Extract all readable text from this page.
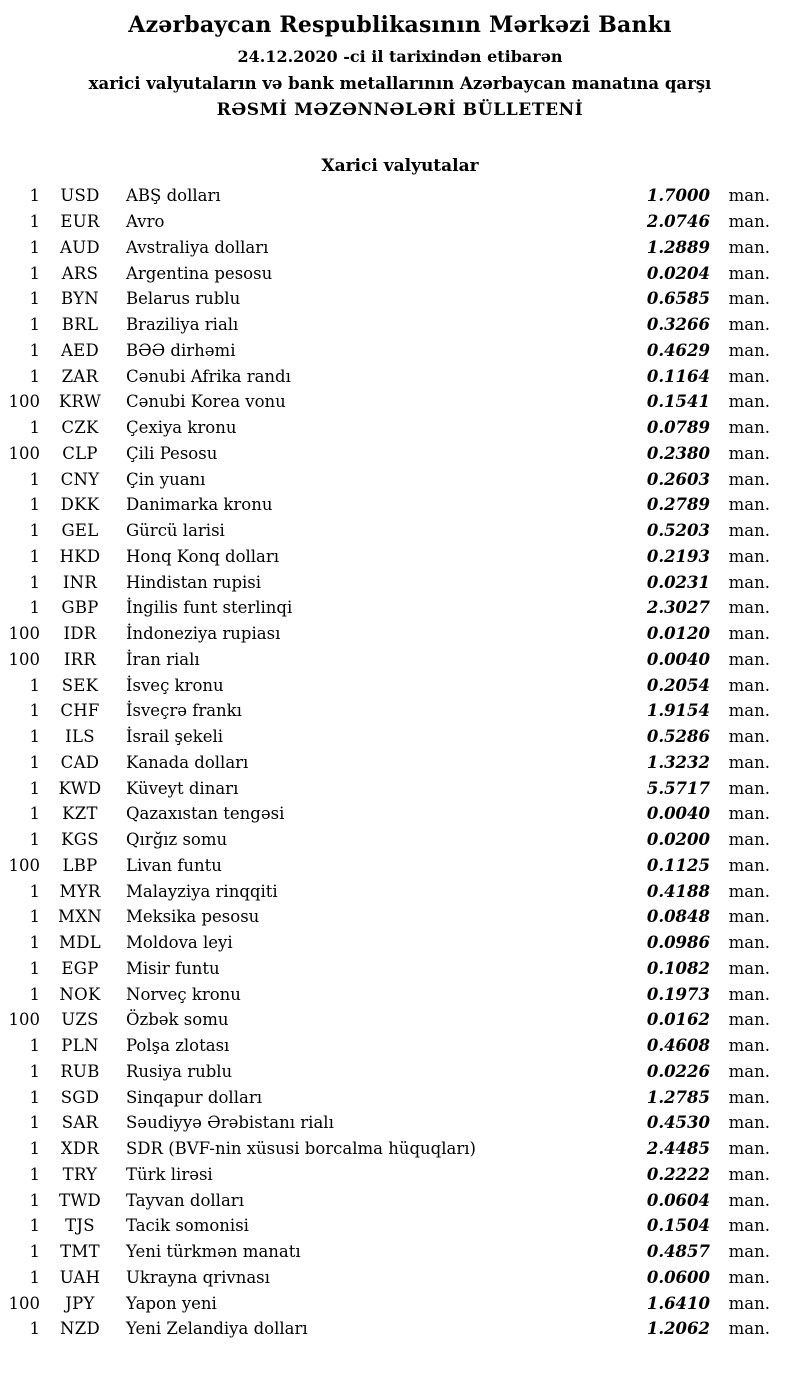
Azərbaycan Respublikasının Mərkəzi Bankı
24.12.2020 -ci il tarixindən etibarən
xarici valyutaların və bank metallarının Azərbaycan manatına qarşı
RƏSMİ MƏZƏNNƏLƏRİ BÜLLETENİ
Xarici valyutalar
1	USD	ABŞ dolları	1.7000	man.
1	EUR	Avro	2.0746	man.
1	AUD	Avstraliya dolları	1.2889	man.
1	ARS	Argentina pesosu	0.0204	man.
1	BYN	Belarus rublu	0.6585	man.
1	BRL	Braziliya rialı	0.3266	man.
1	AED	BƏƏ dirhəmi	0.4629	man.
1	ZAR	Cənubi Afrika randı	0.1164	man.
100	KRW	Cənubi Korea vonu	0.1541	man.
1	CZK	Çexiya kronu	0.0789	man.
100	CLP	Çili Pesosu	0.2380	man.
1	CNY	Çin yuanı	0.2603	man.
1	DKK	Danimarka kronu	0.2789	man.
1	GEL	Gürcü larisi	0.5203	man.
1	HKD	Honq Konq dolları	0.2193	man.
1	INR	Hindistan rupisi	0.0231	man.
1	GBP	İngilis funt sterlinqi	2.3027	man.
100	IDR	İndoneziya rupiası	0.0120	man.
100	IRR	İran rialı	0.0040	man.
1	SEK	İsveç kronu	0.2054	man.
1	CHF	İsveçrə frankı	1.9154	man.
1	ILS	İsrail şekeli	0.5286	man.
1	CAD	Kanada dolları	1.3232	man.
1	KWD	Küveyt dinarı	5.5717	man.
1	KZT	Qazaxıstan tengəsi	0.0040	man.
1	KGS	Qırğız somu	0.0200	man.
100	LBP	Livan funtu	0.1125	man.
1	MYR	Malayziya rinqqiti	0.4188	man.
1	MXN	Meksika pesosu	0.0848	man.
1	MDL	Moldova leyi	0.0986	man.
1	EGP	Misir funtu	0.1082	man.
1	NOK	Norveç kronu	0.1973	man.
100	UZS	Özbək somu	0.0162	man.
1	PLN	Polşa zlotası	0.4608	man.
1	RUB	Rusiya rublu	0.0226	man.
1	SGD	Sinqapur dolları	1.2785	man.
1	SAR	Səudiyyə Ərəbistanı rialı	0.4530	man.
1	XDR	SDR (BVF-nin xüsusi borcalma hüquqları)	2.4485	man.
1	TRY	Türk lirəsi	0.2222	man.
1	TWD	Tayvan dolları	0.0604	man.
1	TJS	Tacik somonisi	0.1504	man.
1	TMT	Yeni türkmən manatı	0.4857	man.
1	UAH	Ukrayna qrivnası	0.0600	man.
100	JPY	Yapon yeni	1.6410	man.
1	NZD	Yeni Zelandiya dolları	1.2062	man.
